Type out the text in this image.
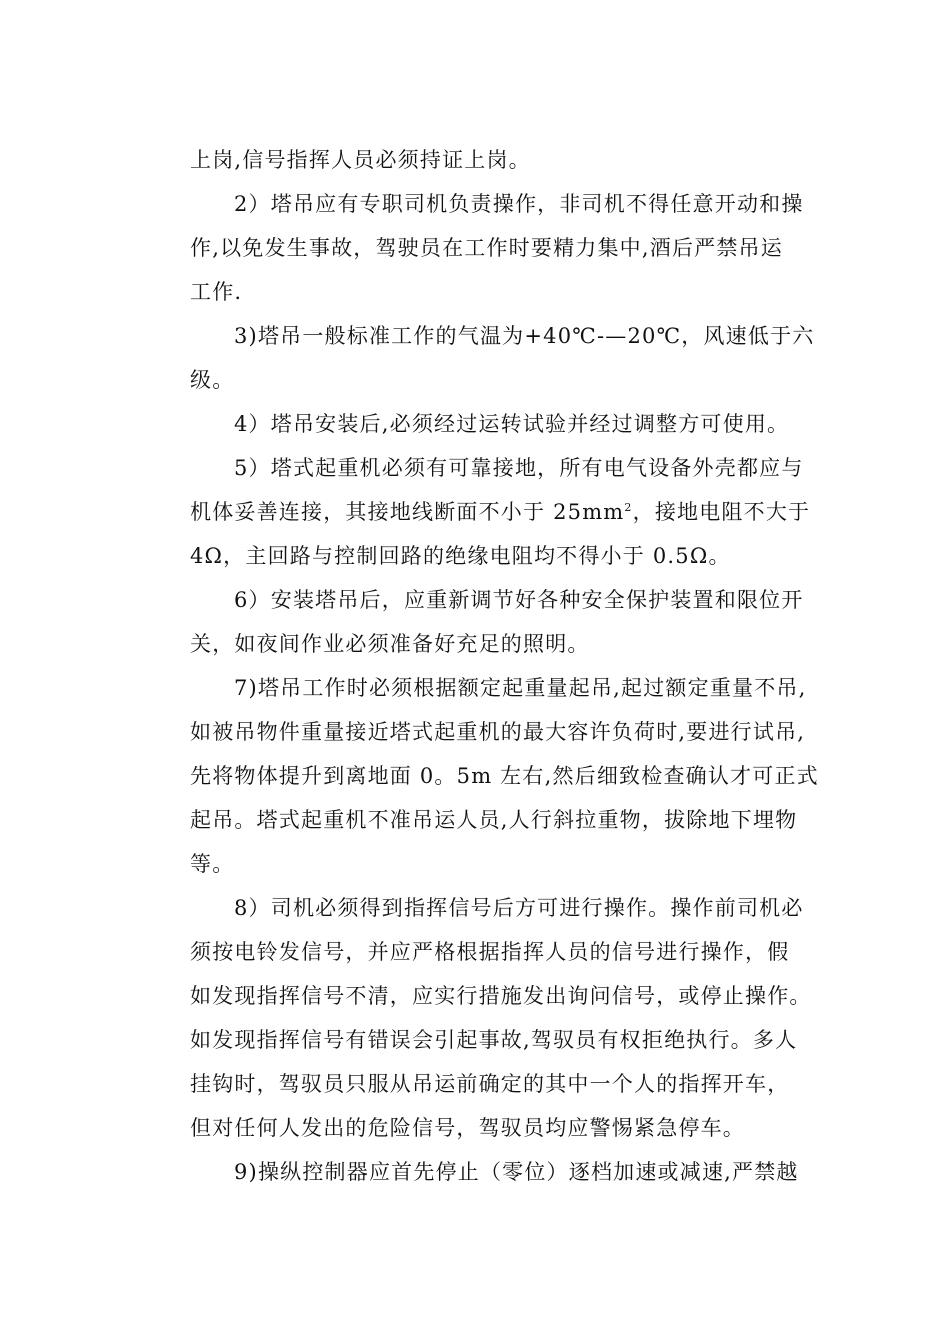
上岗,信号指挥人员必须持证上岗。
2）塔吊应有专职司机负责操作，非司机不得任意开动和操
作,以免发生事故，驾驶员在工作时要精力集中,酒后严禁吊运
工作.
3)塔吊一般标准工作的气温为+40℃-—20℃，风速低于六
级。
4）塔吊安装后,必须经过运转试验并经过调整方可使用。
5）塔式起重机必须有可靠接地，所有电气设备外壳都应与
机体妥善连接，其接地线断面不小于 $25mm^2$，接地电阻不大于
4Ω，主回路与控制回路的绝缘电阻均不得小于 0.5Ω。
6）安装塔吊后，应重新调节好各种安全保护装置和限位开
关，如夜间作业必须准备好充足的照明。
7)塔吊工作时必须根据额定起重量起吊,起过额定重量不吊,
如被吊物件重量接近塔式起重机的最大容许负荷时,要进行试吊,
先将物体提升到离地面 0。5m 左右,然后细致检查确认才可正式
起吊。塔式起重机不准吊运人员,人行斜拉重物，拔除地下埋物
等。
8）司机必须得到指挥信号后方可进行操作。操作前司机必
须按电铃发信号，并应严格根据指挥人员的信号进行操作，假
如发现指挥信号不清，应实行措施发出询问信号，或停止操作。
如发现指挥信号有错误会引起事故,驾驭员有权拒绝执行。多人
挂钩时，驾驭员只服从吊运前确定的其中一个人的指挥开车，
但对任何人发出的危险信号，驾驭员均应警惕紧急停车。
9)操纵控制器应首先停止（零位）逐档加速或减速,严禁越
